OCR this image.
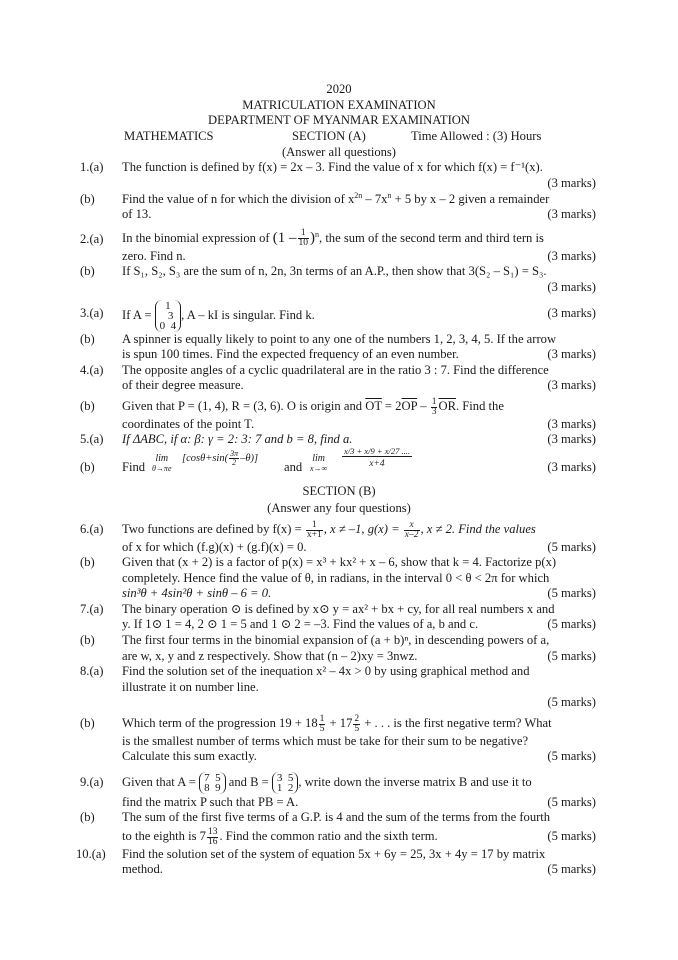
2020
MATRICULATION EXAMINATION
DEPARTMENT OF MYANMAR EXAMINATION
MATHEMATICS	SECTION (A)	Time Allowed : (3) Hours
(Answer all questions)
1.(a) The function is defined by f(x) = 2x – 3. Find the value of x for which f(x) = f⁻¹(x).
(3 marks)
(b) Find the value of n for which the division of $x^{2n} - 7x^n + 5$ by x – 2 given a remainder
of 13.	(3 marks)
2.(a) In the binomial expression of $(1 - \frac{1}{10} )^n$, the sum of the second term and third tern is
zero. Find n.	(3 marks)
(b) If S₁, S₂, S₃ are the sum of n, 2n, 3n terms of an A.P., then show that 3(S₂ – S₁) = S₃.
(3 marks)
3.(a) If A =
1
3
0 4
, A – kI is singular. Find k.	(3 marks)
(b) A spinner is equally likely to point to any one of the numbers 1, 2, 3, 4, 5. If the arrow
is spun 100 times. Find the expected frequency of an even number.	(3 marks)
4.(a) The opposite angles of a cyclic quadrilateral are in the ratio 3 : 7. Find the difference
of their degree measure.	(3 marks)
(b) Given that P = (1, 4), R = (3, 6). O is origin and $\overline{OT} = 2\overline{OP} - \frac{1}{3} \overline{OR}$. Find the
coordinates of the point T.	(3 marks)
5.(a) If ΔABC, if α: β: γ = 2: 3: 7 and b = 8, find a.	(3 marks)
(b) Find
lim
θ→πe
$[\cos\theta+\sin( \frac{3\pi}{2} -\theta)]$
and
lim
x→∞
x/3 + x/9 + x/27 ....
x+4	(3 marks)
SECTION (B)
(Answer any four questions)
6.(a) Two functions are defined by $f(x) = \frac{1}{x+1}$ , x ≠ –1, $g(x) = \frac{x}{x-2}$ , x ≠ 2. Find the values
of x for which (f.g)(x) + (g.f)(x) = 0.	(5 marks)
(b) Given that (x + 2) is a factor of p(x) = x³ + kx² + x – 6, show that k = 4. Factorize p(x)
completely. Hence find the value of θ, in radians, in the interval 0 < θ < 2π for which
sin³θ + 4sin²θ + sinθ – 6 = 0.	(5 marks)
7.(a) The binary operation ⊙ is defined by x⊙ y = ax² + bx + cy, for all real numbers x and
y. If 1⊙ 1 = 4, 2 ⊙ 1 = 5 and 1 ⊙ 2 = –3. Find the values of a, b and c.	(5 marks)
(b) The first four terms in the binomial expansion of (a + b)ⁿ, in descending powers of a,
are w, x, y and z respectively. Show that (n – 2)xy = 3nwz.	(5 marks)
8.(a) Find the solution set of the inequation x² – 4x > 0 by using graphical method and
illustrate it on number line.
(5 marks)
(b) Which term of the progression $19 + 18 \frac{1}{5} + 17 \frac{2}{5}$ + . . . is the first negative term? What
is the smallest number of terms which must be take for their sum to be negative?
Calculate this sum exactly.	(5 marks)
9.(a) Given that A = 7 5
8 9 and B = 3 5
1 2 , write down the inverse matrix B and use it to
find the matrix P such that PB = A.	(5 marks)
(b) The sum of the first five terms of a G.P. is 4 and the sum of the terms from the fourth
to the eighth is $7 \frac{13}{16}$ . Find the common ratio and the sixth term.	(5 marks)
10.(a) Find the solution set of the system of equation 5x + 6y = 25, 3x + 4y = 17 by matrix
method.	(5 marks)
